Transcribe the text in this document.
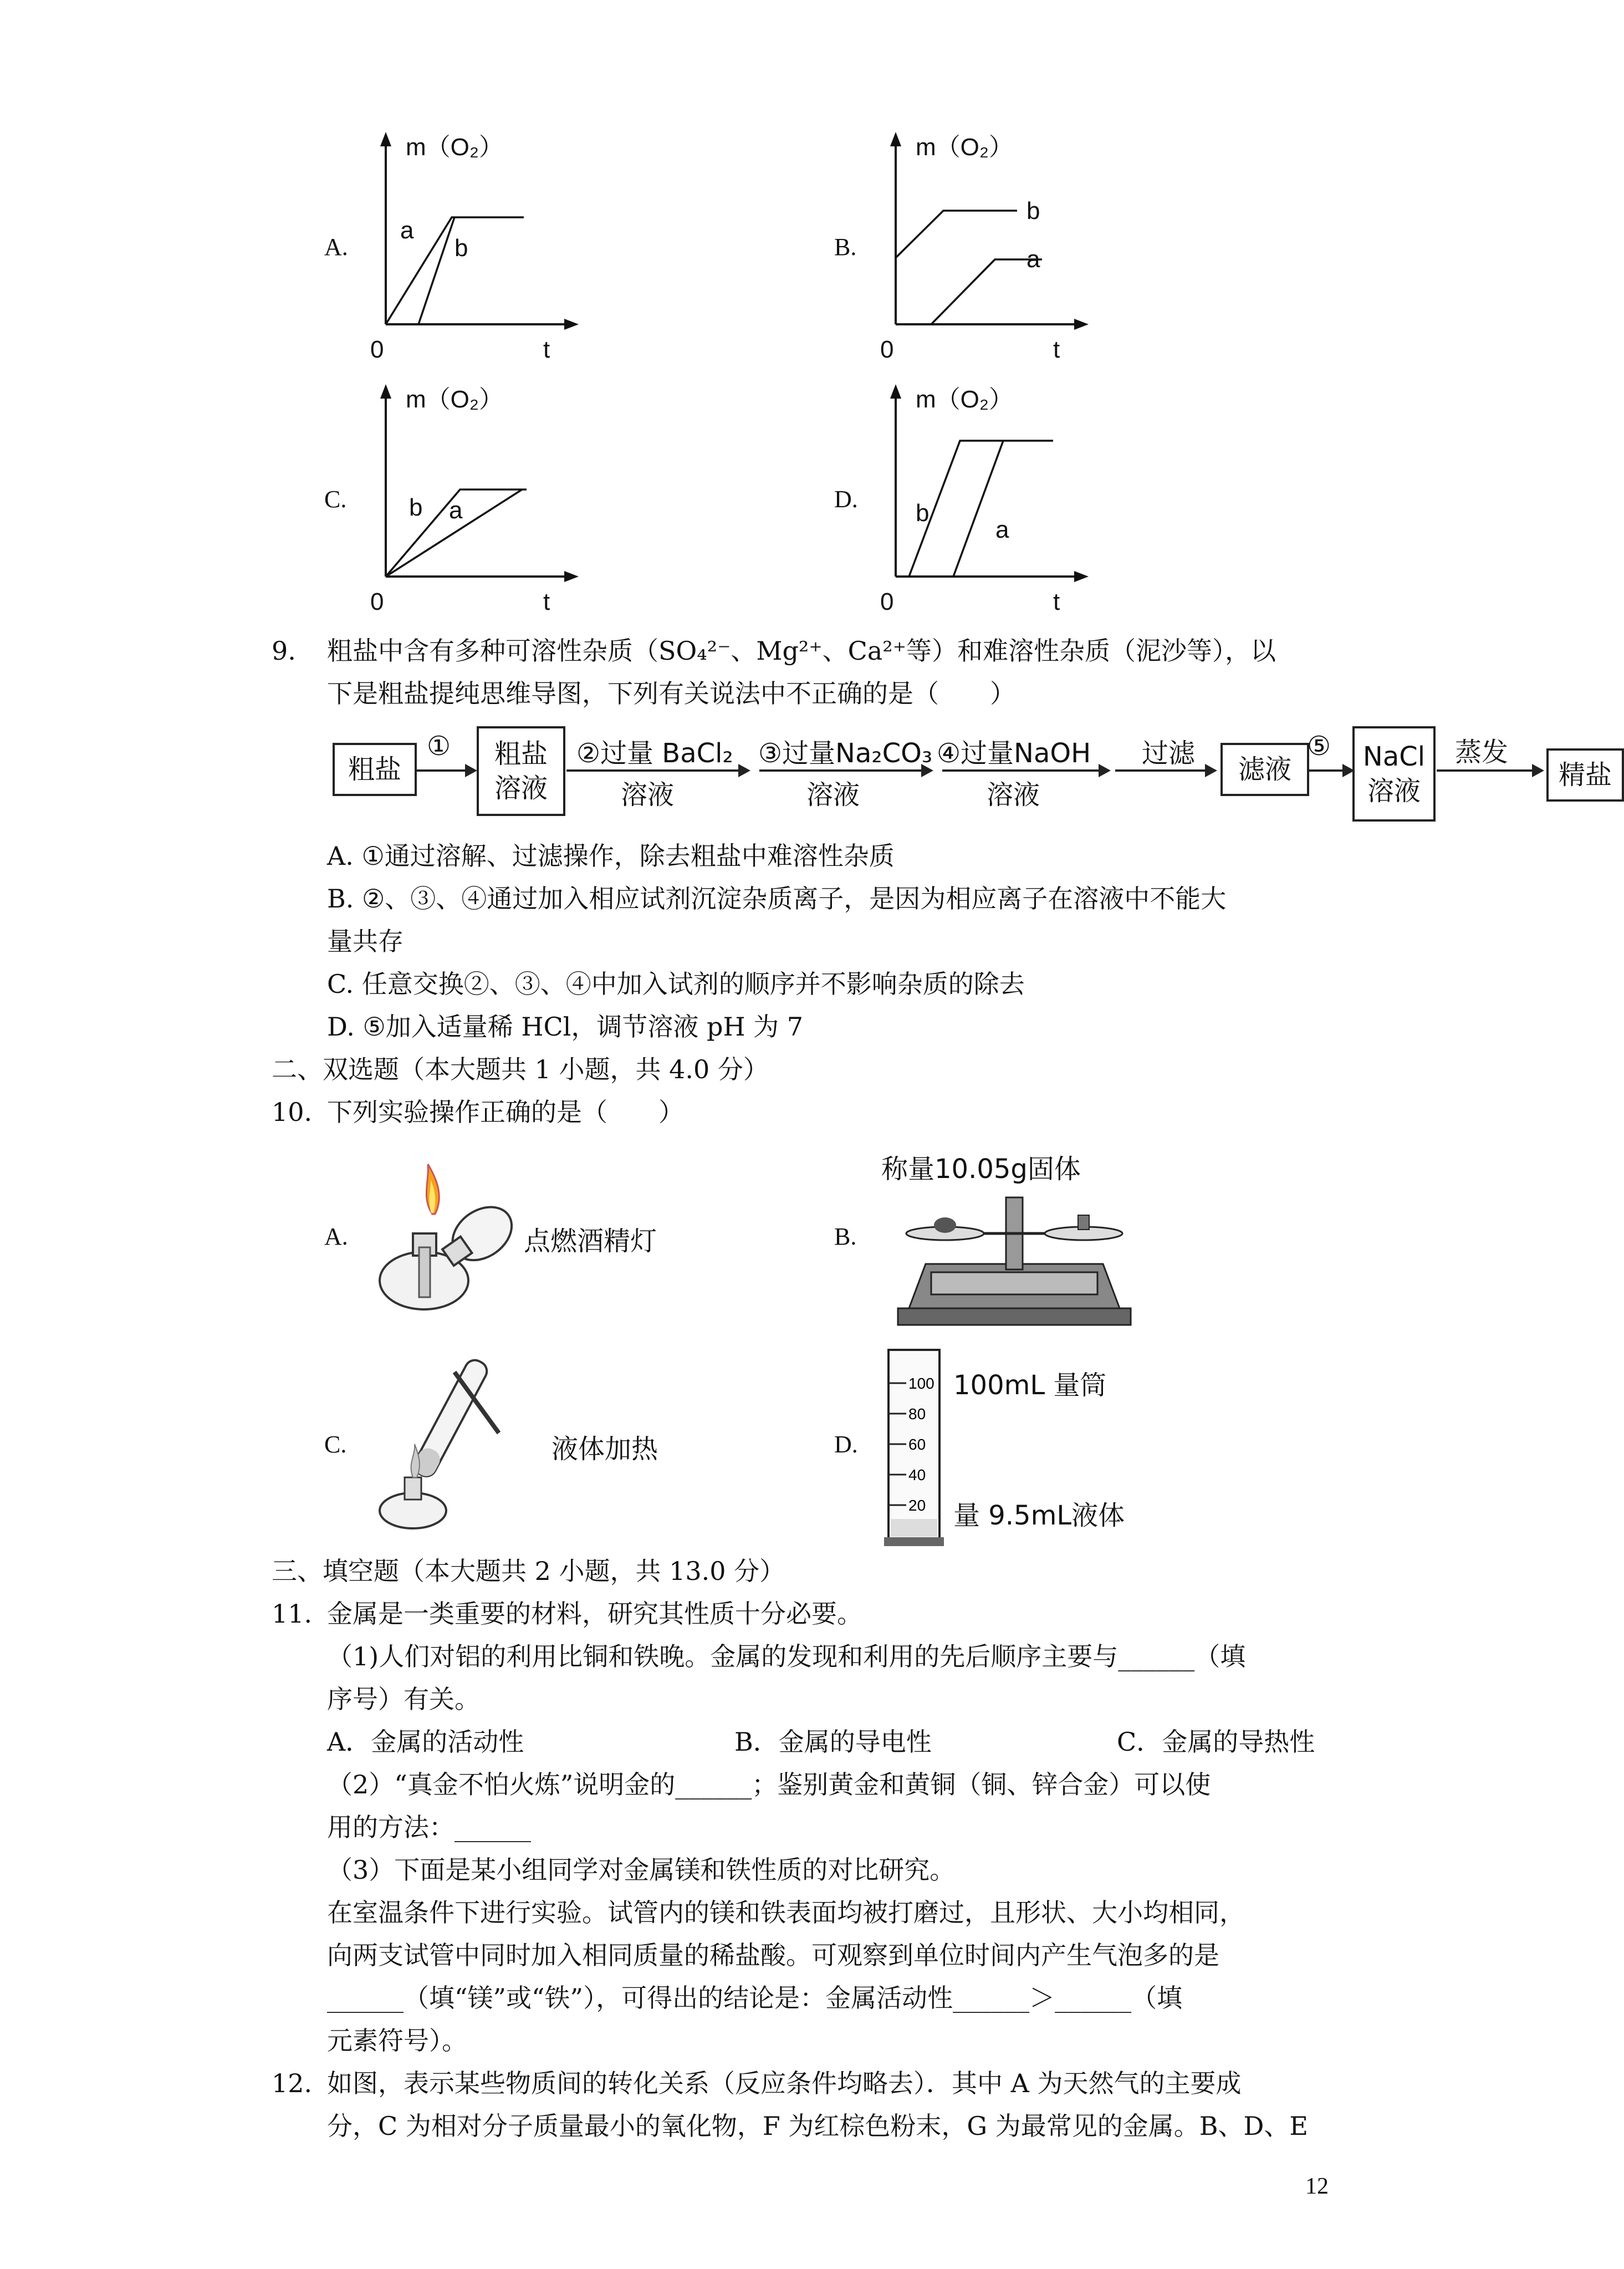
A.
m（O₂）
0	t
a
b	B.
m（O₂）
0	t
b
a
C.	b a
m（O₂）
0	t
D.
b
a
m（O₂）
0	t
9. 粗盐中含有多种可溶性杂质（SO₄²⁻、Mg²⁺、Ca²⁺等）和难溶性杂质（泥沙等），以
下是粗盐提纯思维导图，下列有关说法中不正确的是（　　）
粗盐
① 粗盐
溶液
②过量 BaCl₂
溶液
③过量Na₂CO₃
溶液
④过量NaOH
溶液
过滤
滤液
⑤ NaCl
溶液
蒸发
精盐
A. ①通过溶解、过滤操作，除去粗盐中难溶性杂质
B. ②、③、④通过加入相应试剂沉淀杂质离子，是因为相应离子在溶液中不能大
量共存
C. 任意交换②、③、④中加入试剂的顺序并不影响杂质的除去
D. ⑤加入适量稀 HCl，调节溶液 pH 为 7
二、双选题（本大题共 1 小题，共 4.0 分）
10. 下列实验操作正确的是（　　）
A.	点燃酒精灯	B.
称量10.05g固体
C.	液体加热	D.
100
80
60
40
20
100mL 量筒
量 9.5mL液体
三、填空题（本大题共 2 小题，共 13.0 分）
11. 金属是一类重要的材料，研究其性质十分必要。
（1)人们对铝的利用比铜和铁晚。金属的发现和利用的先后顺序主要与______（填
序号）有关。
A．金属的活动性	B．金属的导电性	C．金属的导热性
（2）“真金不怕火炼”说明金的______；鉴别黄金和黄铜（铜、锌合金）可以使
用的方法：______
（3）下面是某小组同学对金属镁和铁性质的对比研究。
在室温条件下进行实验。试管内的镁和铁表面均被打磨过，且形状、大小均相同，
向两支试管中同时加入相同质量的稀盐酸。可观察到单位时间内产生气泡多的是
______（填“镁”或“铁”），可得出的结论是：金属活动性______＞______（填
元素符号）。
12. 如图，表示某些物质间的转化关系（反应条件均略去）．其中 A 为天然气的主要成
分，C 为相对分子质量最小的氧化物，F 为红棕色粉末，G 为最常见的金属。B、D、E
12
